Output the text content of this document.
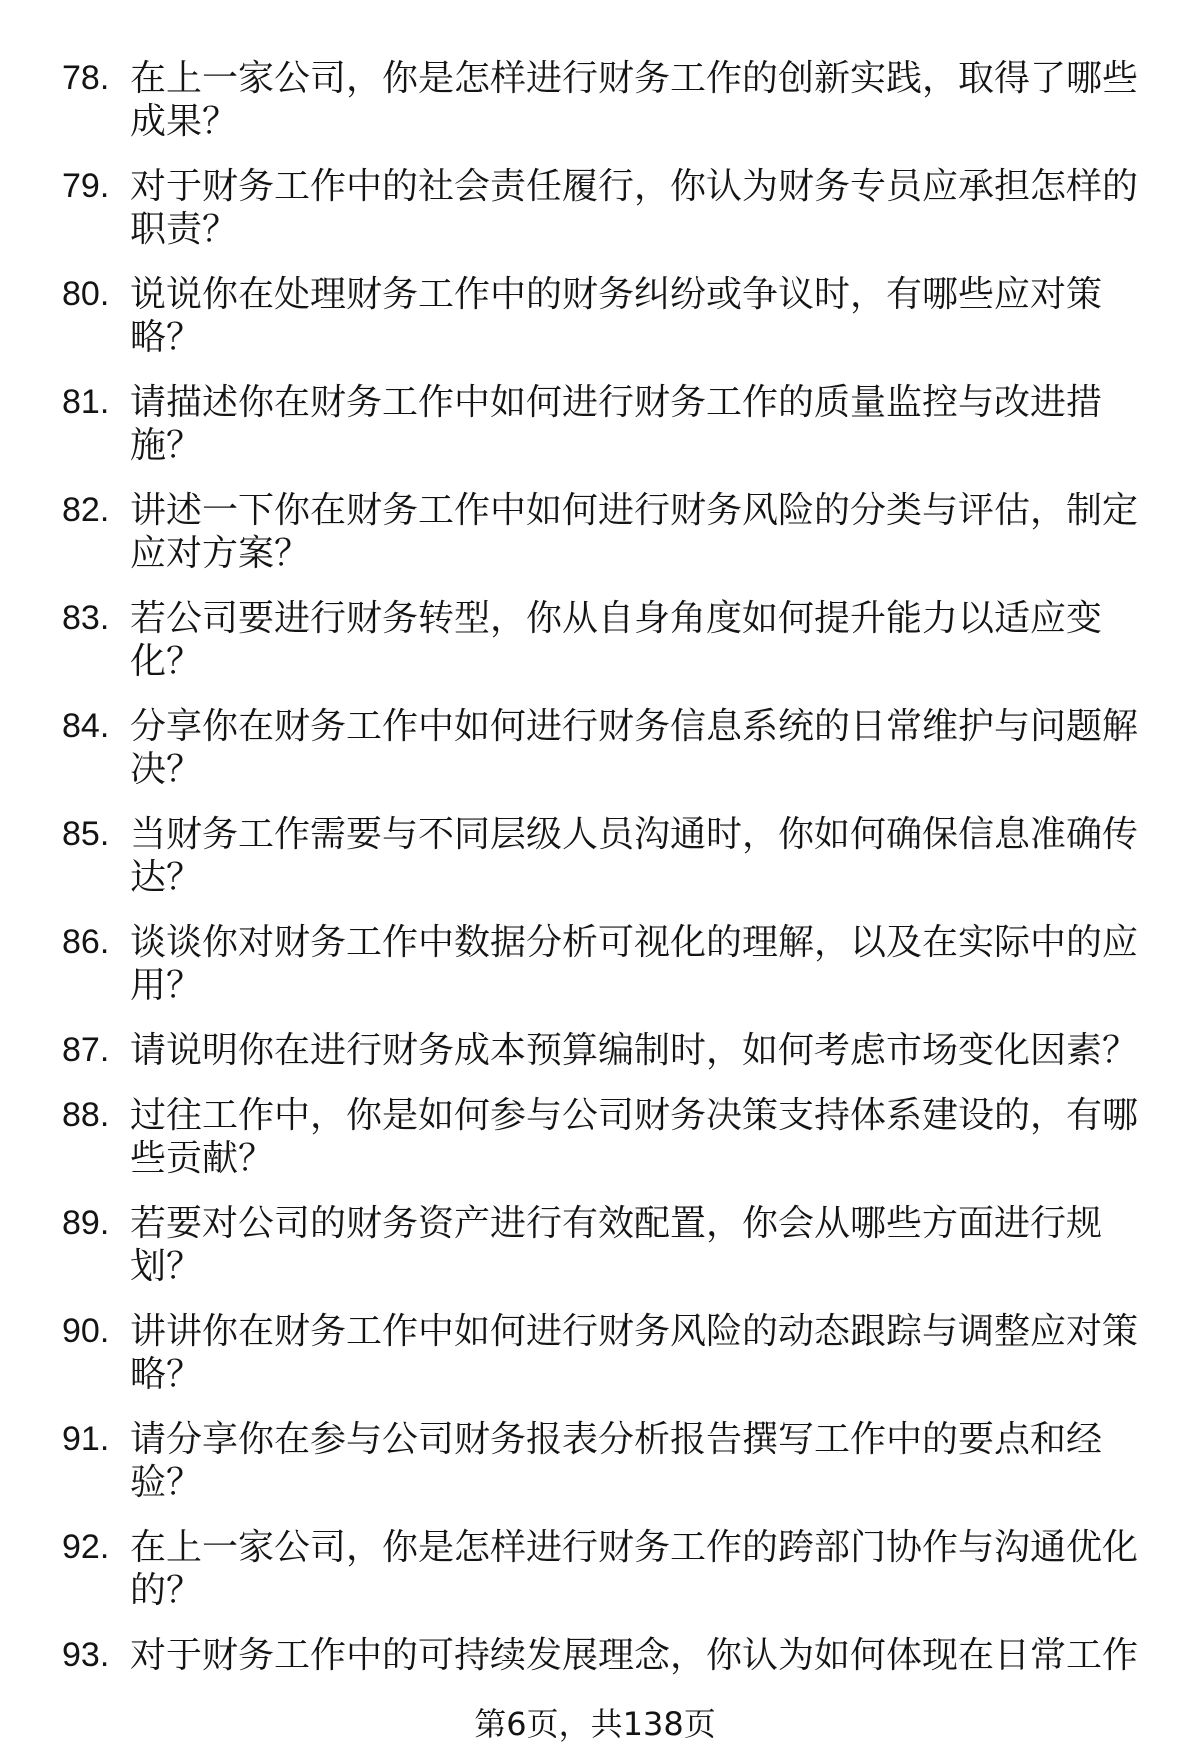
78. 在上一家公司，你是怎样进行财务工作的创新实践，取得了哪些
成果？
79. 对于财务工作中的社会责任履行，你认为财务专员应承担怎样的
职责？
80. 说说你在处理财务工作中的财务纠纷或争议时，有哪些应对策
略？
81. 请描述你在财务工作中如何进行财务工作的质量监控与改进措
施？
82. 讲述一下你在财务工作中如何进行财务风险的分类与评估，制定
应对方案？
83. 若公司要进行财务转型，你从自身角度如何提升能力以适应变
化？
84. 分享你在财务工作中如何进行财务信息系统的日常维护与问题解
决？
85. 当财务工作需要与不同层级人员沟通时，你如何确保信息准确传
达？
86. 谈谈你对财务工作中数据分析可视化的理解，以及在实际中的应
用？
87. 请说明你在进行财务成本预算编制时，如何考虑市场变化因素？
88. 过往工作中，你是如何参与公司财务决策支持体系建设的，有哪
些贡献？
89. 若要对公司的财务资产进行有效配置，你会从哪些方面进行规
划？
90. 讲讲你在财务工作中如何进行财务风险的动态跟踪与调整应对策
略？
91. 请分享你在参与公司财务报表分析报告撰写工作中的要点和经
验？
92. 在上一家公司，你是怎样进行财务工作的跨部门协作与沟通优化
的？
93. 对于财务工作中的可持续发展理念，你认为如何体现在日常工作
第6页，共138页
